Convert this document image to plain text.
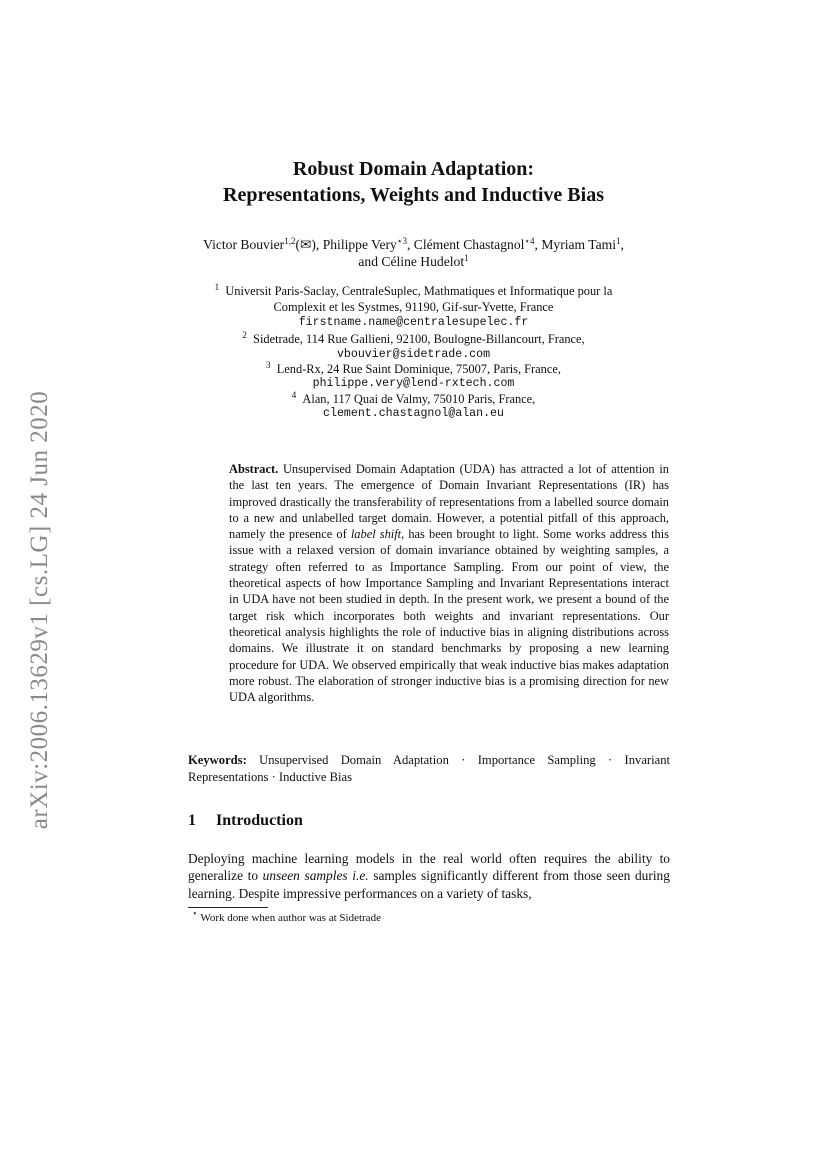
arXiv:2006.13629v1 [cs.LG] 24 Jun 2020
Robust Domain Adaptation:
Representations, Weights and Inductive Bias
Victor Bouvier$^{1,2}$(✉), Philippe Very$^{⋆3}$, Clément Chastagnol$^{⋆4}$, Myriam Tami$^1$,
and Céline Hudelot$^1$
$^1$ Universit Paris-Saclay, CentraleSuplec, Mathmatiques et Informatique pour la
Complexit et les Systmes, 91190, Gif-sur-Yvette, France
firstname.name@centralesupelec.fr
$^2$ Sidetrade, 114 Rue Gallieni, 92100, Boulogne-Billancourt, France,
vbouvier@sidetrade.com
$^3$ Lend-Rx, 24 Rue Saint Dominique, 75007, Paris, France,
philippe.very@lend-rxtech.com
$^4$ Alan, 117 Quai de Valmy, 75010 Paris, France,
clement.chastagnol@alan.eu
Abstract. Unsupervised Domain Adaptation (UDA) has attracted a lot of attention in the last ten years. The emergence of Domain Invariant Representations (IR) has improved drastically the transferability of representations from a labelled source domain to a new and unlabelled target domain. However, a potential pitfall of this approach, namely the presence of label shift, has been brought to light. Some works address this issue with a relaxed version of domain invariance obtained by weighting samples, a strategy often referred to as Importance Sampling. From our point of view, the theoretical aspects of how Importance Sampling and Invariant Representations interact in UDA have not been studied in depth. In the present work, we present a bound of the target risk which incorporates both weights and invariant representations. Our theoretical analysis highlights the role of inductive bias in aligning distributions across domains. We illustrate it on standard benchmarks by proposing a new learning procedure for UDA. We observed empirically that weak inductive bias makes adaptation more robust. The elaboration of stronger inductive bias is a promising direction for new UDA algorithms.
Keywords: Unsupervised Domain Adaptation · Importance Sampling · Invariant Representations · Inductive Bias
1 Introduction
Deploying machine learning models in the real world often requires the ability to generalize to unseen samples i.e. samples significantly different from those seen during learning. Despite impressive performances on a variety of tasks,
⋆ Work done when author was at Sidetrade
